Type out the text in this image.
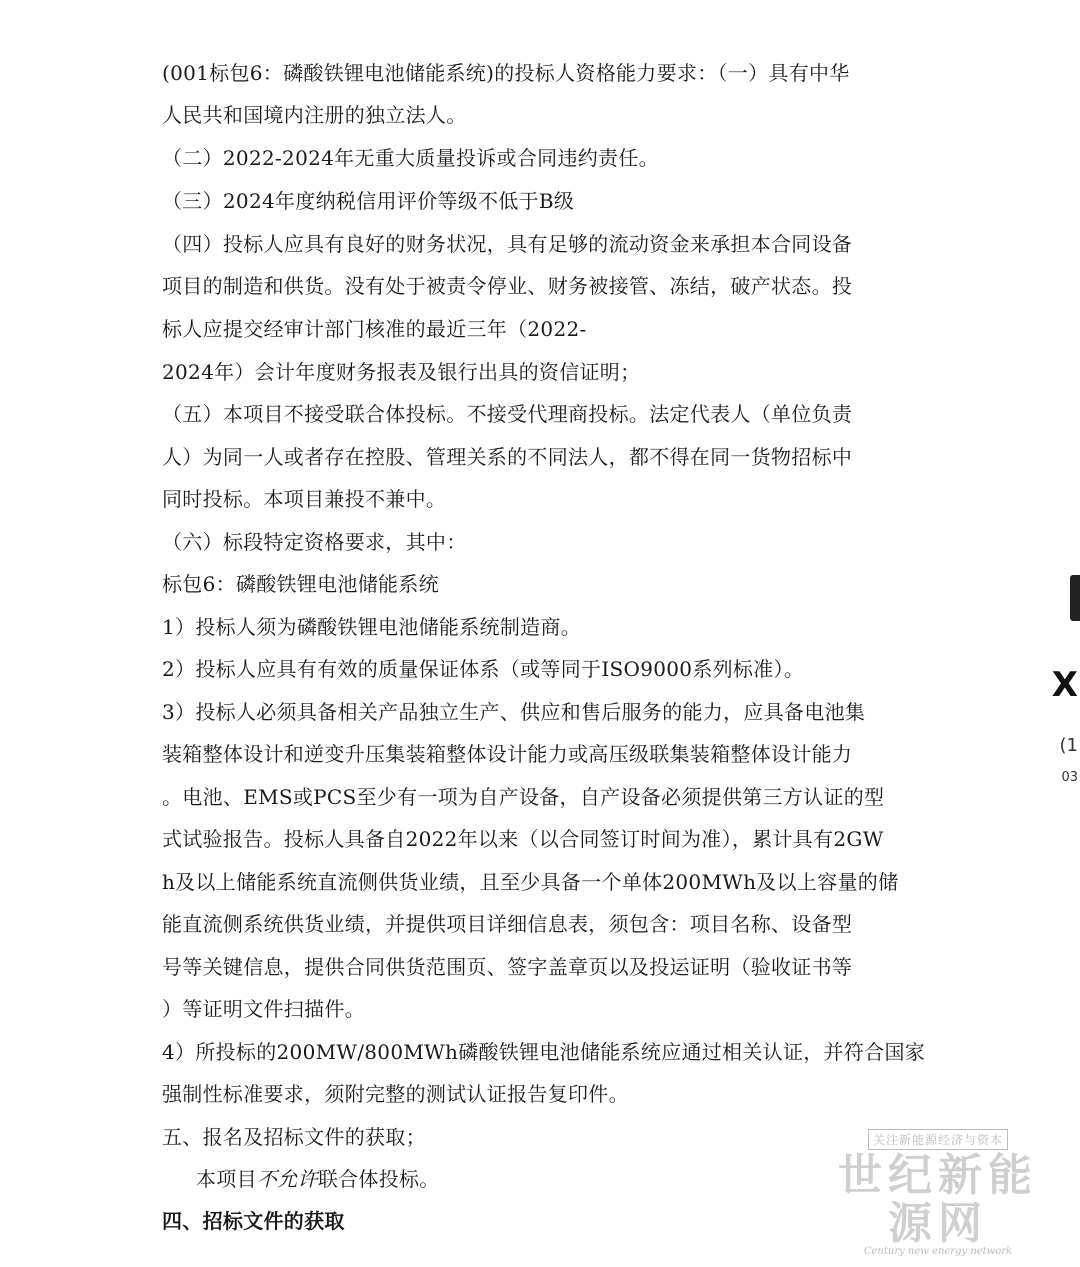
(001标包6：磷酸铁锂电池储能系统)的投标人资格能力要求：（一）具有中华
人民共和国境内注册的独立法人。
（二）2022-2024年无重大质量投诉或合同违约责任。
（三）2024年度纳税信用评价等级不低于B级
（四）投标人应具有良好的财务状况，具有足够的流动资金来承担本合同设备
项目的制造和供货。没有处于被责令停业、财务被接管、冻结，破产状态。投
标人应提交经审计部门核准的最近三年（2022-
2024年）会计年度财务报表及银行出具的资信证明；
（五）本项目不接受联合体投标。不接受代理商投标。法定代表人（单位负责
人）为同一人或者存在控股、管理关系的不同法人，都不得在同一货物招标中
同时投标。本项目兼投不兼中。
（六）标段特定资格要求，其中：
标包6：磷酸铁锂电池储能系统
1）投标人须为磷酸铁锂电池储能系统制造商。
2）投标人应具有有效的质量保证体系（或等同于ISO9000系列标准）。
3）投标人必须具备相关产品独立生产、供应和售后服务的能力，应具备电池集
装箱整体设计和逆变升压集装箱整体设计能力或高压级联集装箱整体设计能力
。电池、EMS或PCS至少有一项为自产设备，自产设备必须提供第三方认证的型
式试验报告。投标人具备自2022年以来（以合同签订时间为准），累计具有2GW
h及以上储能系统直流侧供货业绩，且至少具备一个单体200MWh及以上容量的储
能直流侧系统供货业绩，并提供项目详细信息表，须包含：项目名称、设备型
号等关键信息，提供合同供货范围页、签字盖章页以及投运证明（验收证书等
）等证明文件扫描件。
4）所投标的200MW/800MWh磷酸铁锂电池储能系统应通过相关认证，并符合国家
强制性标准要求，须附完整的测试认证报告复印件。
五、报名及招标文件的获取；
本项目不允许联合体投标。
四、招标文件的获取
Ⅹ
(1
03
关注新能源经济与资本
世纪新能源网
Century new energy network
